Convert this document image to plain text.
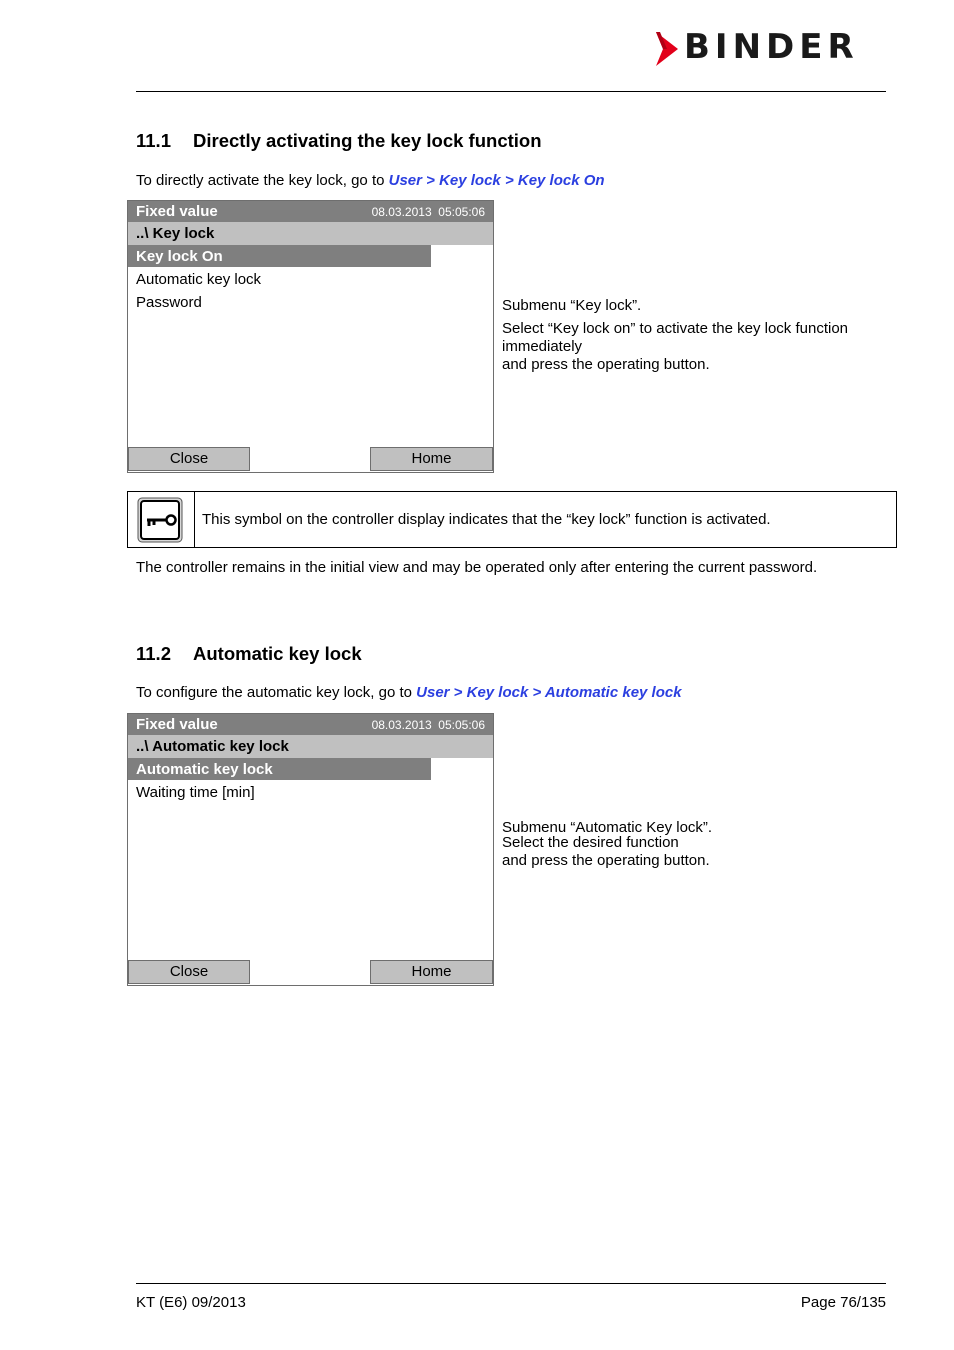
BINDER
11.1 Directly activating the key lock function
To directly activate the key lock, go to User > Key lock > Key lock On
Fixed value	08.03.2013  05:05:06
..\ Key lock
Key lock On
Automatic key lock
Password
Close	Home
Submenu “Key lock”.
Select “Key lock on” to activate the key lock function
immediately
and press the operating button.
This symbol on the controller display indicates that the “key lock” function is activated.
The controller remains in the initial view and may be operated only after entering the current password.
11.2 Automatic key lock
To configure the automatic key lock, go to User > Key lock > Automatic key lock
Fixed value	08.03.2013  05:05:06
..\ Automatic key lock
Automatic key lock
Waiting time [min]
Close	Home
Submenu “Automatic Key lock”.
Select the desired function
and press the operating button.
KT (E6) 09/2013	Page 76/135
